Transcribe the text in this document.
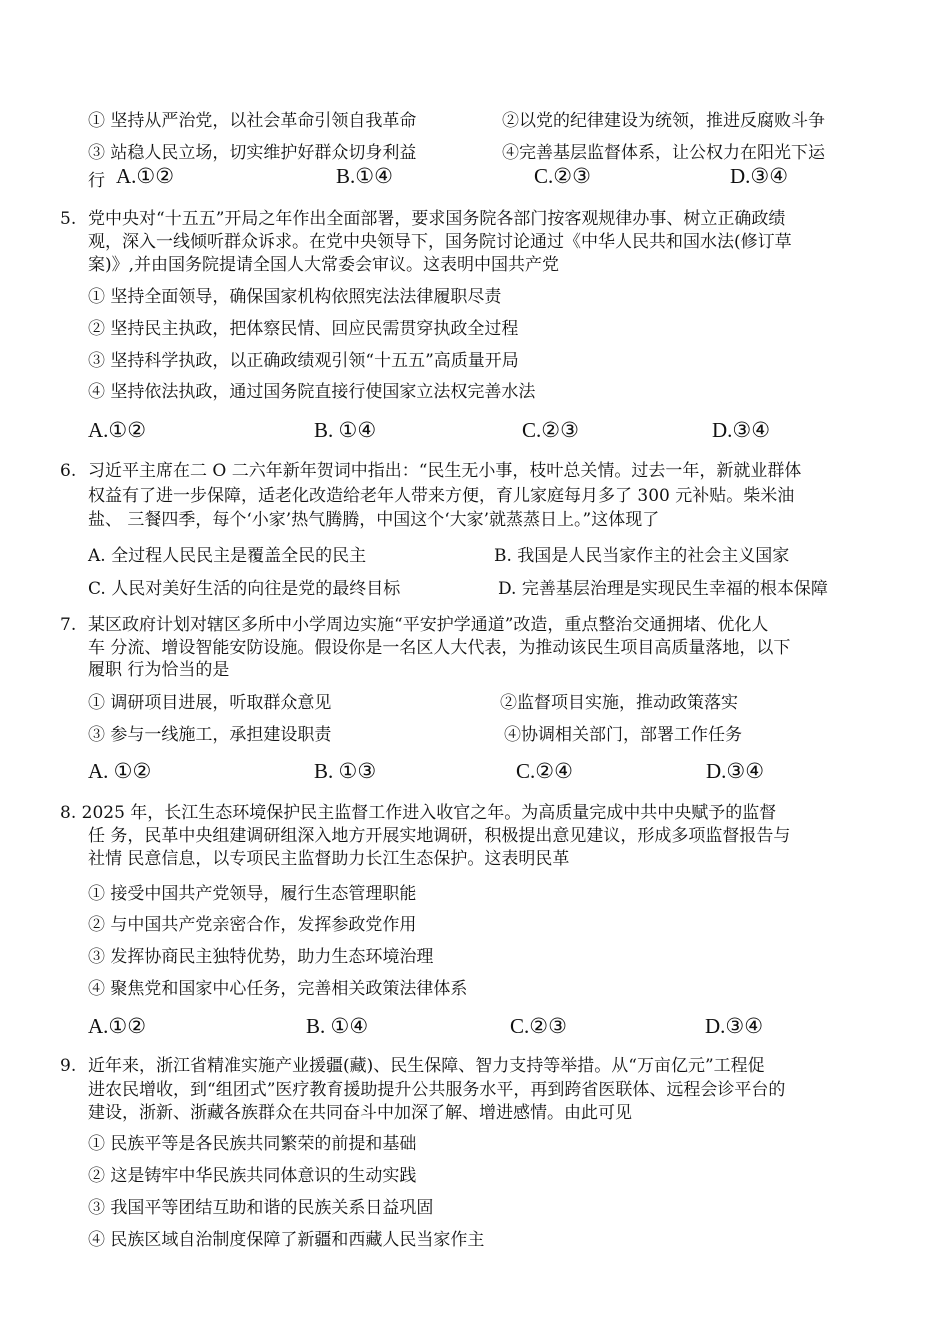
① 坚持从严治党，以社会革命引领自我革命	②以党的纪律建设为统领，推进反腐败斗争
③ 站稳人民立场，切实维护好群众切身利益	④完善基层监督体系，让公权力在阳光下运
行 A.①②	B.①④	C.②③	D.③④
5. 党中央对“十五五”开局之年作出全面部署，要求国务院各部门按客观规律办事、树立正确政绩
观，深入一线倾听群众诉求。在党中央领导下，国务院讨论通过《中华人民共和国水法(修订草
案)》,并由国务院提请全国人大常委会审议。这表明中国共产党
① 坚持全面领导，确保国家机构依照宪法法律履职尽责
② 坚持民主执政，把体察民情、回应民需贯穿执政全过程
③ 坚持科学执政，以正确政绩观引领“十五五”高质量开局
④ 坚持依法执政，通过国务院直接行使国家立法权完善水法
A.①②	B. ①④	C.②③	D.③④
6. 习近平主席在二 O 二六年新年贺词中指出：“民生无小事，枝叶总关情。过去一年，新就业群体
权益有了进一步保障，适老化改造给老年人带来方便，育儿家庭每月多了 300 元补贴。柴米油
盐、 三餐四季，每个‘小家’热气腾腾，中国这个‘大家’就蒸蒸日上。”这体现了
A. 全过程人民民主是覆盖全民的民主	B. 我国是人民当家作主的社会主义国家
C. 人民对美好生活的向往是党的最终目标	D. 完善基层治理是实现民生幸福的根本保障
7. 某区政府计划对辖区多所中小学周边实施“平安护学通道”改造，重点整治交通拥堵、优化人
车 分流、增设智能安防设施。假设你是一名区人大代表，为推动该民生项目高质量落地，以下
履职 行为恰当的是
① 调研项目进展，听取群众意见	②监督项目实施，推动政策落实
③ 参与一线施工，承担建设职责	④协调相关部门，部署工作任务
A. ①②	B. ①③	C.②④	D.③④
8. 2025 年，长江生态环境保护民主监督工作进入收官之年。为高质量完成中共中央赋予的监督
任 务，民革中央组建调研组深入地方开展实地调研，积极提出意见建议，形成多项监督报告与
社情 民意信息，以专项民主监督助力长江生态保护。这表明民革
① 接受中国共产党领导，履行生态管理职能
② 与中国共产党亲密合作，发挥参政党作用
③ 发挥协商民主独特优势，助力生态环境治理
④ 聚焦党和国家中心任务，完善相关政策法律体系
A.①②	B. ①④	C.②③	D.③④
9. 近年来，浙江省精准实施产业援疆(藏)、民生保障、智力支持等举措。从“万亩亿元”工程促
进农民增收，到“组团式”医疗教育援助提升公共服务水平，再到跨省医联体、远程会诊平台的
建设，浙新、浙藏各族群众在共同奋斗中加深了解、增进感情。由此可见
① 民族平等是各民族共同繁荣的前提和基础
② 这是铸牢中华民族共同体意识的生动实践
③ 我国平等团结互助和谐的民族关系日益巩固
④ 民族区域自治制度保障了新疆和西藏人民当家作主
